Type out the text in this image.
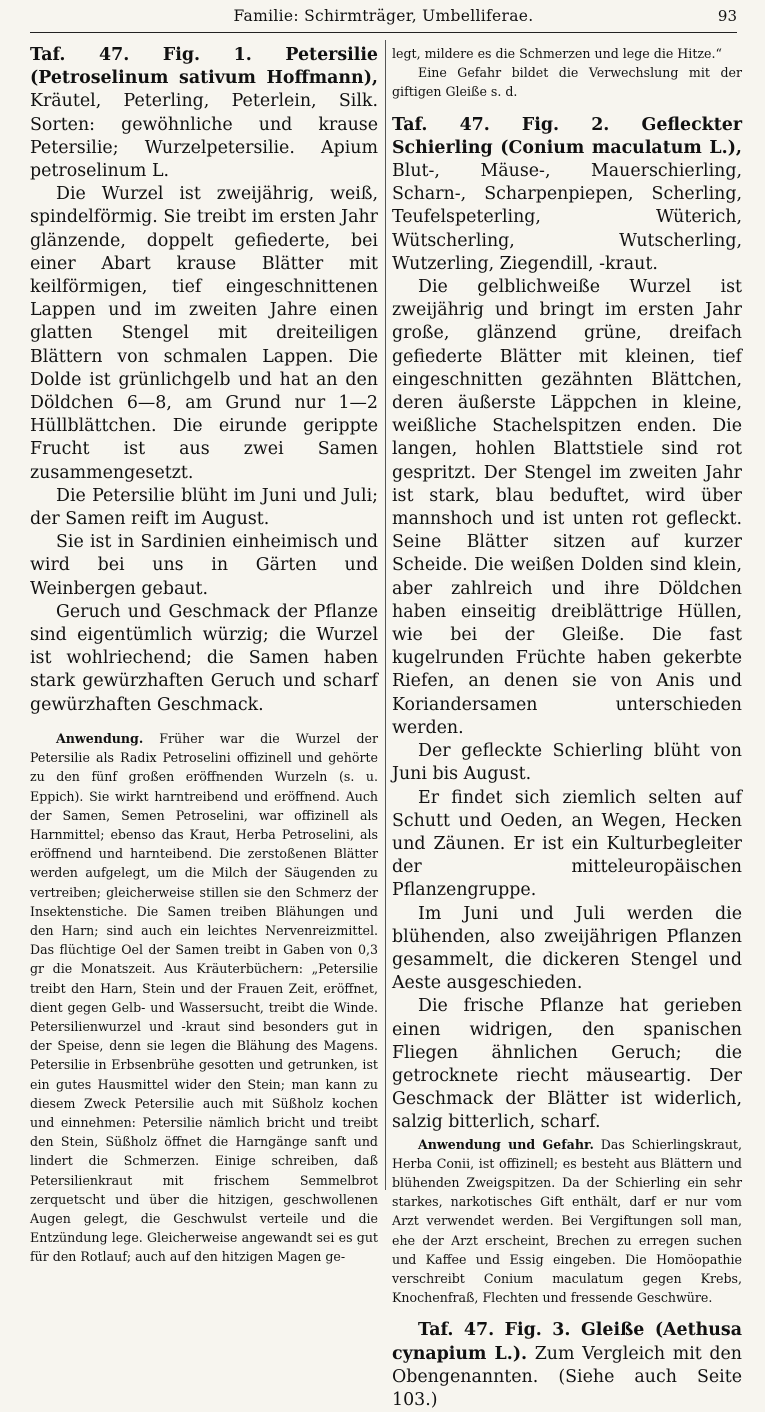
Familie: Schirmträger, Umbelliferae.	93

Taf. 47. Fig. 1. Petersilie (Petroselinum sativum Hoffmann), Kräutel, Peterling, Peterlein, Silk. Sorten: gewöhnliche und krause Petersilie; Wurzelpetersilie. Apium petroselinum L.

Die Wurzel ist zweijährig, weiß, spindelförmig. Sie treibt im ersten Jahr glänzende, doppelt gefiederte, bei einer Abart krause Blätter mit keilförmigen, tief eingeschnittenen Lappen und im zweiten Jahre einen glatten Stengel mit dreiteiligen Blättern von schmalen Lappen. Die Dolde ist grünlichgelb und hat an den Döldchen 6—8, am Grund nur 1—2 Hüllblättchen. Die eirunde gerippte Frucht ist aus zwei Samen zusammengesetzt.

Die Petersilie blüht im Juni und Juli; der Samen reift im August.

Sie ist in Sardinien einheimisch und wird bei uns in Gärten und Weinbergen gebaut.

Geruch und Geschmack der Pflanze sind eigentümlich würzig; die Wurzel ist wohlriechend; die Samen haben stark gewürzhaften Geruch und scharf gewürzhaften Geschmack.

Anwendung. Früher war die Wurzel der Petersilie als Radix Petroselini offizinell und gehörte zu den fünf großen eröffnenden Wurzeln (s. u. Eppich). Sie wirkt harntreibend und eröffnend. Auch der Samen, Semen Petroselini, war offizinell als Harnmittel; ebenso das Kraut, Herba Petroselini, als eröffnend und harnteibend. Die zerstoßenen Blätter werden aufgelegt, um die Milch der Säugenden zu vertreiben; gleicherweise stillen sie den Schmerz der Insektenstiche. Die Samen treiben Blähungen und den Harn; sind auch ein leichtes Nervenreizmittel. Das flüchtige Oel der Samen treibt in Gaben von 0,3 gr die Monatszeit. Aus Kräuterbüchern: „Petersilie treibt den Harn, Stein und der Frauen Zeit, eröffnet, dient gegen Gelb- und Wassersucht, treibt die Winde. Petersilienwurzel und -kraut sind besonders gut in der Speise, denn sie legen die Blähung des Magens. Petersilie in Erbsenbrühe gesotten und getrunken, ist ein gutes Hausmittel wider den Stein; man kann zu diesem Zweck Petersilie auch mit Süßholz kochen und einnehmen: Petersilie nämlich bricht und treibt den Stein, Süßholz öffnet die Harngänge sanft und lindert die Schmerzen. Einige schreiben, daß Petersilienkraut mit frischem Semmelbrot zerquetscht und über die hitzigen, geschwollenen Augen gelegt, die Geschwulst verteile und die Entzündung lege. Gleicherweise angewandt sei es gut für den Rotlauf; auch auf den hitzigen Magen ge-

legt, mildere es die Schmerzen und lege die Hitze.“

Eine Gefahr bildet die Verwechslung mit der giftigen Gleiße s. d.

Taf. 47. Fig. 2. Gefleckter Schierling (Conium maculatum L.), Blut-, Mäuse-, Mauerschierling, Scharn-, Scharpenpiepen, Scherling, Teufelspeterling, Wüterich, Wütscherling, Wutscherling, Wutzerling, Ziegendill, -kraut.

Die gelblichweiße Wurzel ist zweijährig und bringt im ersten Jahr große, glänzend grüne, dreifach gefiederte Blätter mit kleinen, tief eingeschnitten gezähnten Blättchen, deren äußerste Läppchen in kleine, weißliche Stachelspitzen enden. Die langen, hohlen Blattstiele sind rot gespritzt. Der Stengel im zweiten Jahr ist stark, blau beduftet, wird über mannshoch und ist unten rot gefleckt. Seine Blätter sitzen auf kurzer Scheide. Die weißen Dolden sind klein, aber zahlreich und ihre Döldchen haben einseitig dreiblättrige Hüllen, wie bei der Gleiße. Die fast kugelrunden Früchte haben gekerbte Riefen, an denen sie von Anis und Koriandersamen unterschieden werden.

Der gefleckte Schierling blüht von Juni bis August.

Er findet sich ziemlich selten auf Schutt und Oeden, an Wegen, Hecken und Zäunen. Er ist ein Kulturbegleiter der mitteleuropäischen Pflanzengruppe.

Im Juni und Juli werden die blühenden, also zweijährigen Pflanzen gesammelt, die dickeren Stengel und Aeste ausgeschieden.

Die frische Pflanze hat gerieben einen widrigen, den spanischen Fliegen ähnlichen Geruch; die getrocknete riecht mäuseartig. Der Geschmack der Blätter ist widerlich, salzig bitterlich, scharf.

Anwendung und Gefahr. Das Schierlingskraut, Herba Conii, ist offizinell; es besteht aus Blättern und blühenden Zweigspitzen. Da der Schierling ein sehr starkes, narkotisches Gift enthält, darf er nur vom Arzt verwendet werden. Bei Vergiftungen soll man, ehe der Arzt erscheint, Brechen zu erregen suchen und Kaffee und Essig eingeben. Die Homöopathie verschreibt Conium maculatum gegen Krebs, Knochenfraß, Flechten und fressende Geschwüre.

Taf. 47. Fig. 3. Gleiße (Aethusa cynapium L.). Zum Vergleich mit den Obengenannten. (Siehe auch Seite 103.)
